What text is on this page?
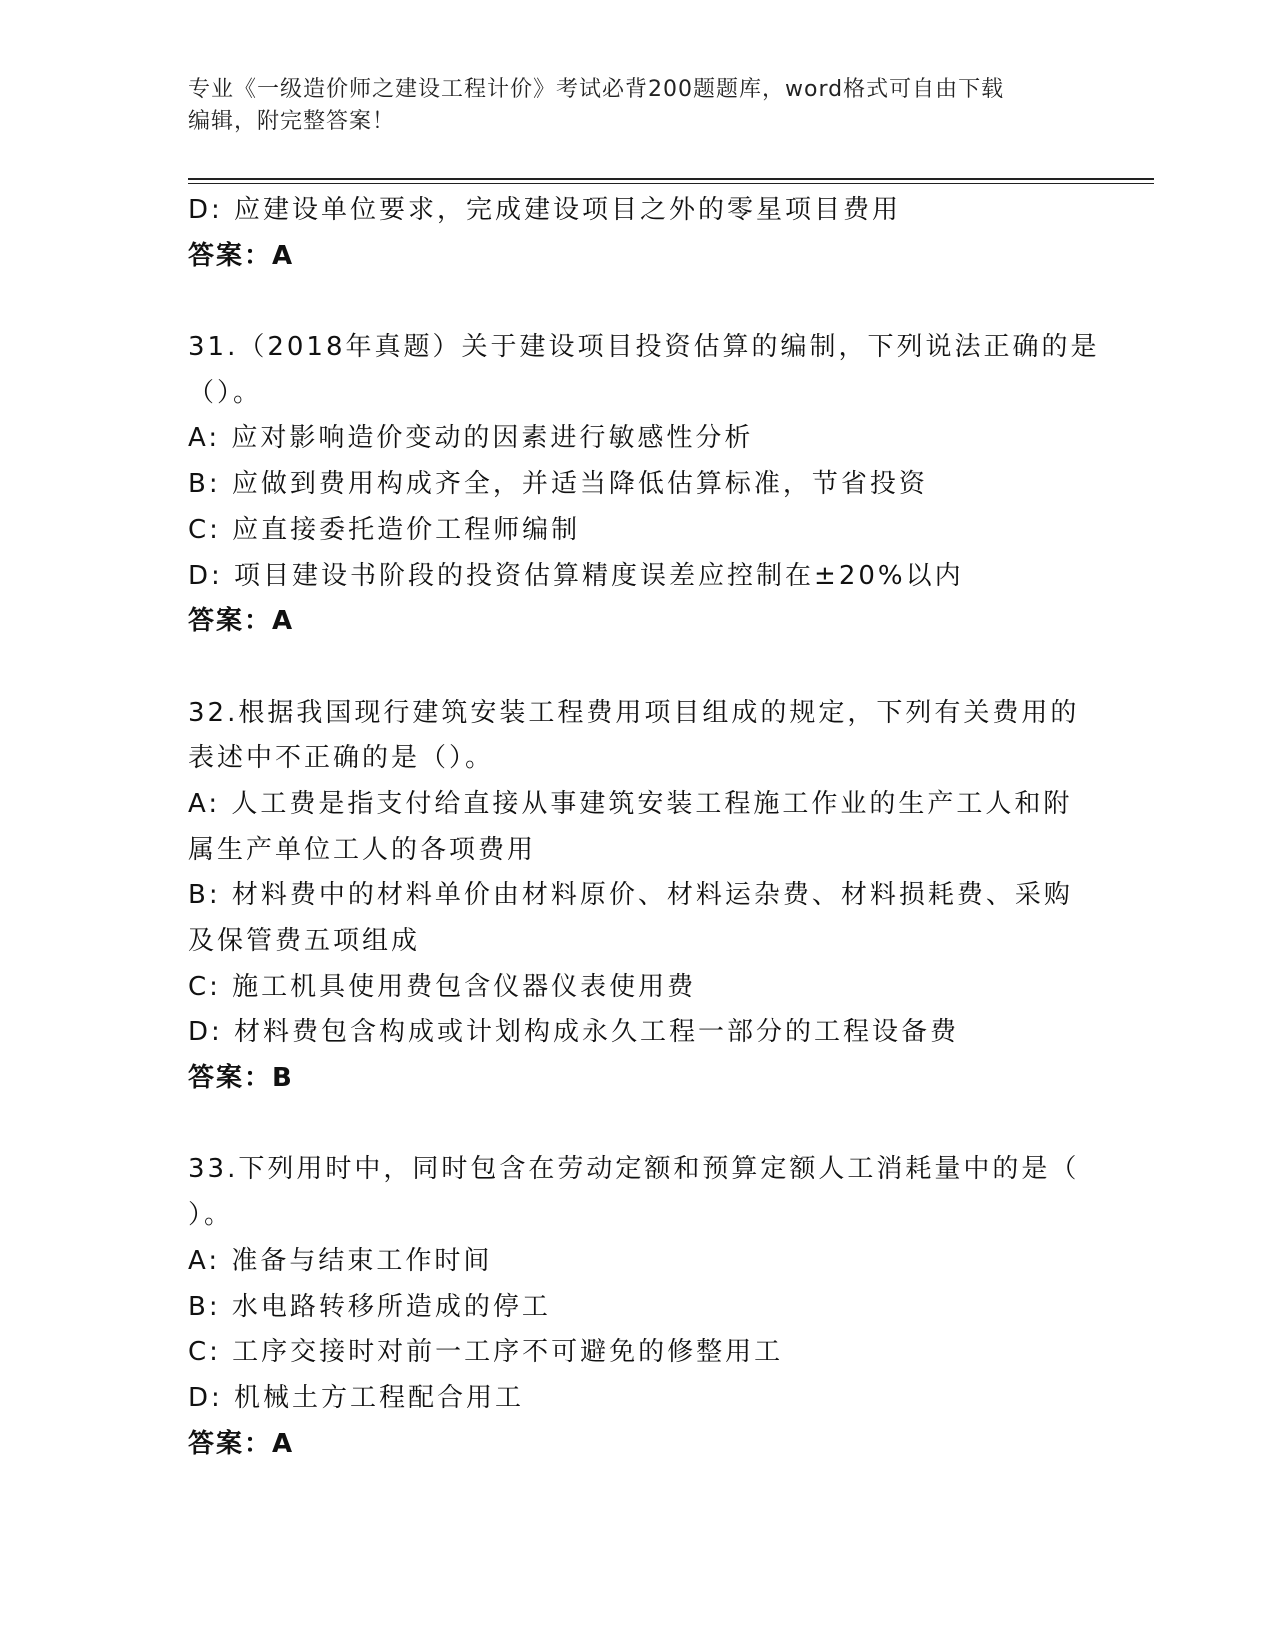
专业《一级造价师之建设工程计价》考试必背200题题库，word格式可自由下载
编辑，附完整答案！
D: 应建设单位要求，完成建设项目之外的零星项目费用
答案：A
31.（2018年真题）关于建设项目投资估算的编制，下列说法正确的是
（）。
A: 应对影响造价变动的因素进行敏感性分析
B: 应做到费用构成齐全，并适当降低估算标准，节省投资
C: 应直接委托造价工程师编制
D: 项目建设书阶段的投资估算精度误差应控制在±20%以内
答案：A
32.根据我国现行建筑安装工程费用项目组成的规定，下列有关费用的
表述中不正确的是（）。
A: 人工费是指支付给直接从事建筑安装工程施工作业的生产工人和附
属生产单位工人的各项费用
B: 材料费中的材料单价由材料原价、材料运杂费、材料损耗费、采购
及保管费五项组成
C: 施工机具使用费包含仪器仪表使用费
D: 材料费包含构成或计划构成永久工程一部分的工程设备费
答案：B
33.下列用时中，同时包含在劳动定额和预算定额人工消耗量中的是（
）。
A: 准备与结束工作时间
B: 水电路转移所造成的停工
C: 工序交接时对前一工序不可避免的修整用工
D: 机械土方工程配合用工
答案：A
